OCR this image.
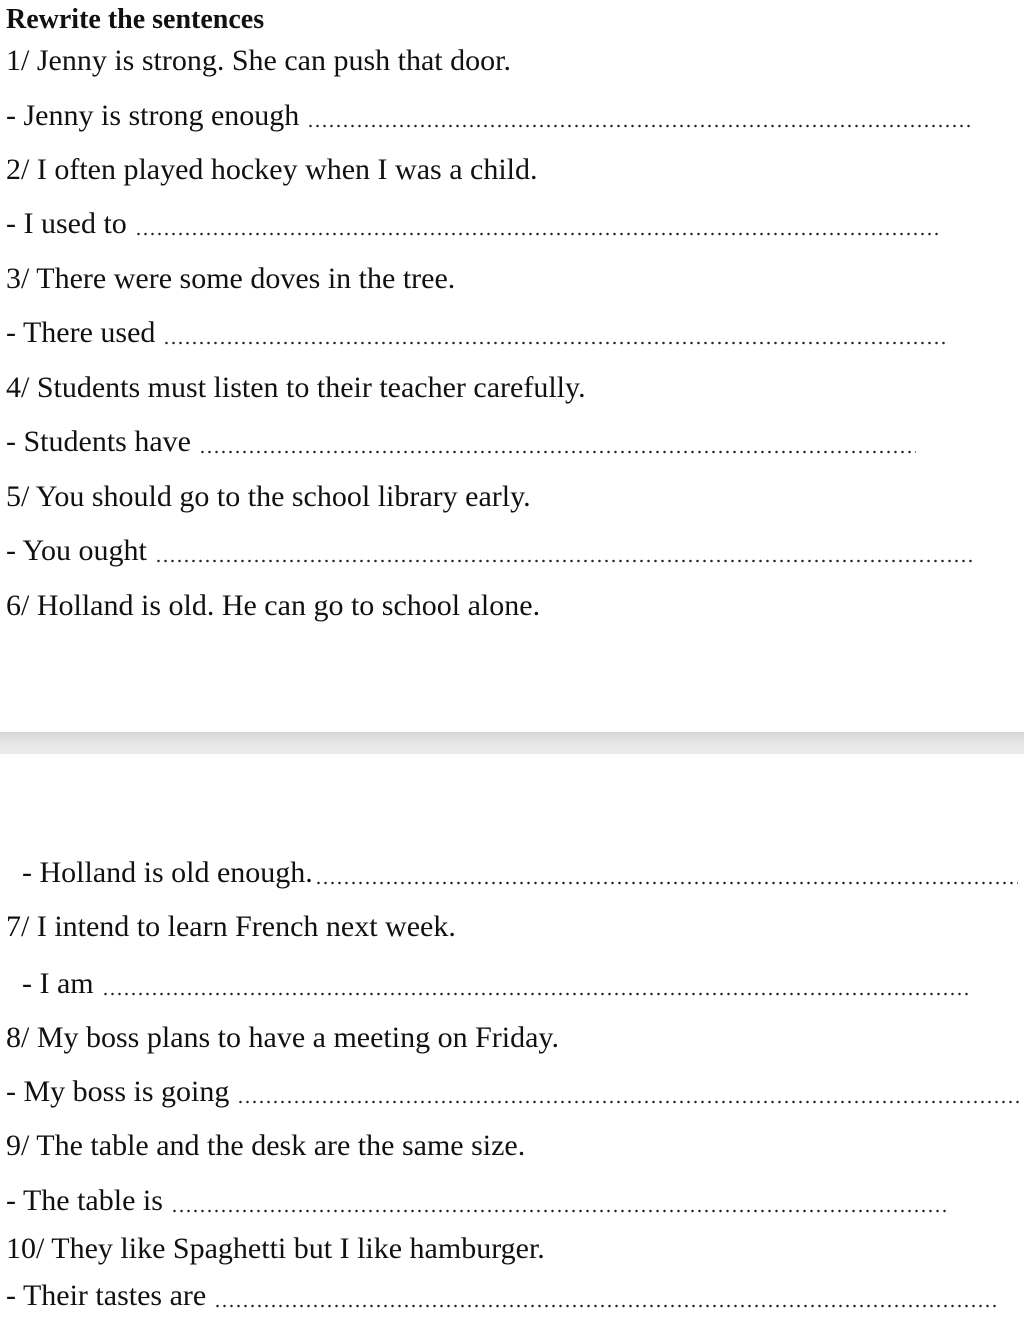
Rewrite the sentences
1/ Jenny is strong. She can push that door.
- Jenny is strong enough
2/ I often played hockey when I was a child.
- I used to
3/ There were some doves in the tree.
- There used
4/ Students must listen to their teacher carefully.
- Students have
5/ You should go to the school library early.
- You ought
6/ Holland is old. He can go to school alone.
- Holland is old enough.
7/ I intend to learn French next week.
- I am
8/ My boss plans to have a meeting on Friday.
- My boss is going
9/ The table and the desk are the same size.
- The table is
10/ They like Spaghetti but I like hamburger.
- Their tastes are
